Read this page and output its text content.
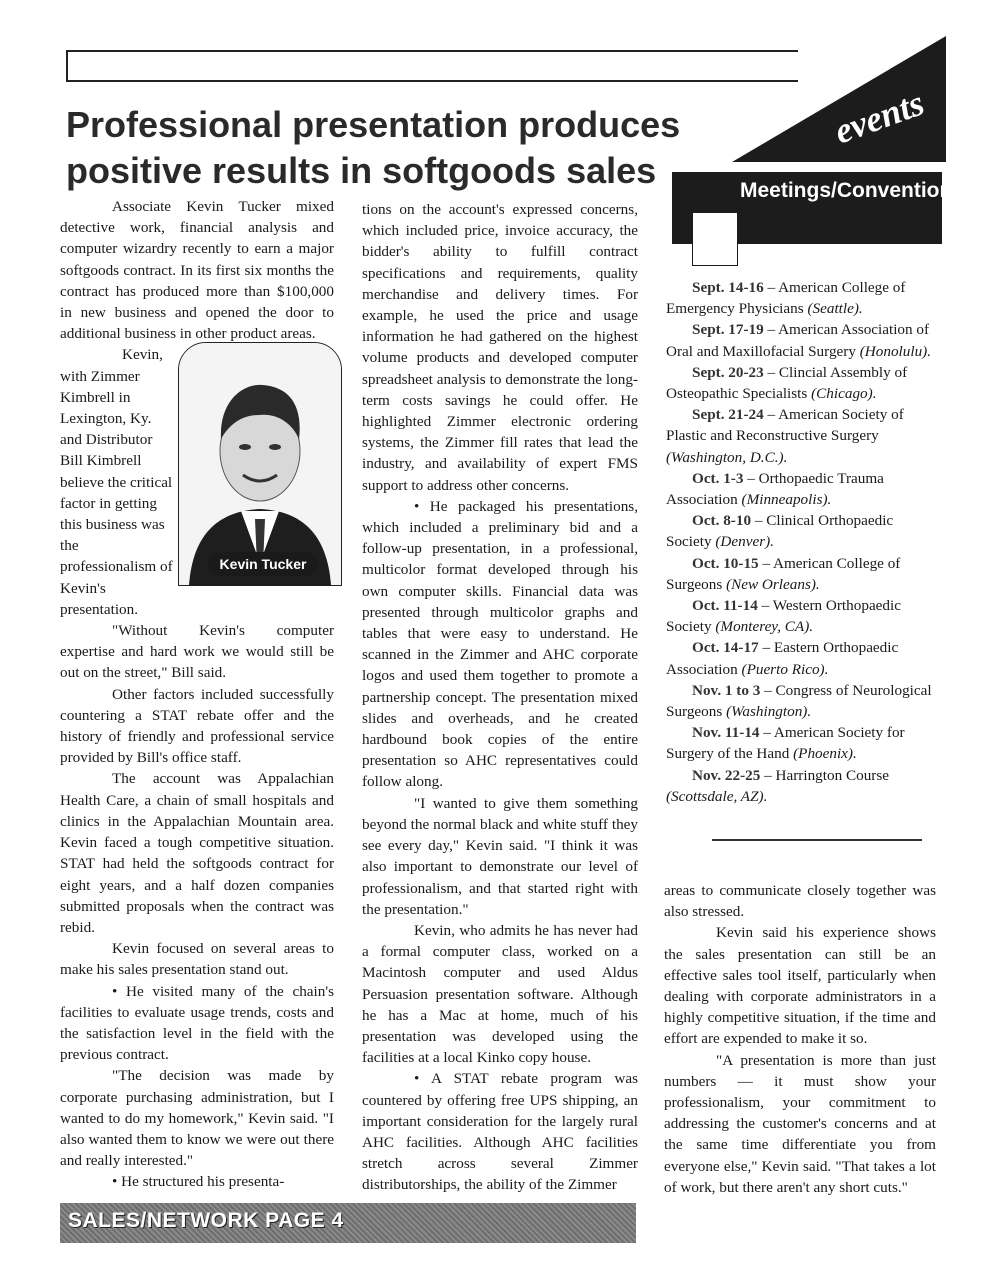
events
Professional presentation produces positive results in softgoods sales

Associate Kevin Tucker mixed detective work, financial analysis and computer wizardry recently to earn a major softgoods contract. In its first six months the contract has produced more than $100,000 in new business and opened the door to additional business in other product areas.

Kevin, with Zimmer Kimbrell in Lexington, Ky. and Distributor Bill Kimbrell believe the critical factor in getting this business was the professionalism of Kevin's presentation.

"Without Kevin's computer expertise and hard work we would still be out on the street," Bill said.

Other factors included successfully countering a STAT rebate offer and the history of friendly and professional service provided by Bill's office staff.

The account was Appalachian Health Care, a chain of small hospitals and clinics in the Appalachian Mountain area. Kevin faced a tough competitive situation. STAT had held the softgoods contract for eight years, and a half dozen companies submitted proposals when the contract was rebid.

Kevin focused on several areas to make his sales presentation stand out.

• He visited many of the chain's facilities to evaluate usage trends, costs and the satisfaction level in the field with the previous contract.

"The decision was made by corporate purchasing administration, but I wanted to do my homework," Kevin said. "I also wanted them to know we were out there and really interested."

• He structured his presenta-

Kevin Tucker

tions on the account's expressed concerns, which included price, invoice accuracy, the bidder's ability to fulfill contract specifications and requirements, quality merchandise and delivery times. For example, he used the price and usage information he had gathered on the highest volume products and developed computer spreadsheet analysis to demonstrate the long-term costs savings he could offer. He highlighted Zimmer electronic ordering systems, the Zimmer fill rates that lead the industry, and availability of expert FMS support to address other concerns.

• He packaged his presentations, which included a preliminary bid and a follow-up presentation, in a professional, multicolor format developed through his own computer skills. Financial data was presented through multicolor graphs and tables that were easy to understand. He scanned in the Zimmer and AHC corporate logos and used them together to promote a partnership concept. The presentation mixed slides and overheads, and he created hardbound book copies of the entire presentation so AHC representatives could follow along.

"I wanted to give them something beyond the normal black and white stuff they see every day," Kevin said. "I think it was also important to demonstrate our level of professionalism, and that started right with the presentation."

Kevin, who admits he has never had a formal computer class, worked on a Macintosh computer and used Aldus Persuasion presentation software. Although he has a Mac at home, much of his presentation was developed using the facilities at a local Kinko copy house.

• A STAT rebate program was countered by offering free UPS shipping, an important consideration for the largely rural AHC facilities. Although AHC facilities stretch across several Zimmer distributorships, the ability of the Zimmer

Meetings/Conventions

Sept. 14-16 – American College of Emergency Physicians (Seattle).

Sept. 17-19 – American Association of Oral and Maxillofacial Surgery (Honolulu).

Sept. 20-23 – Clincial Assembly of Osteopathic Specialists (Chicago).

Sept. 21-24 – American Society of Plastic and Reconstructive Surgery (Washington, D.C.).

Oct. 1-3 – Orthopaedic Trauma Association (Minneapolis).

Oct. 8-10 – Clinical Orthopaedic Society (Denver).

Oct. 10-15 – American College of Surgeons (New Orleans).

Oct. 11-14 – Western Orthopaedic Society (Monterey, CA).

Oct. 14-17 – Eastern Orthopaedic Association (Puerto Rico).

Nov. 1 to 3 – Congress of Neurological Surgeons (Washington).

Nov. 11-14 – American Society for Surgery of the Hand (Phoenix).

Nov. 22-25 – Harrington Course (Scottsdale, AZ).

areas to communicate closely together was also stressed.

Kevin said his experience shows the sales presentation can still be an effective sales tool itself, particularly when dealing with corporate administrators in a highly competitive situation, if the time and effort are expended to make it so.

"A presentation is more than just numbers — it must show your professionalism, your commitment to addressing the customer's concerns and at the same time differentiate you from everyone else," Kevin said. "That takes a lot of work, but there aren't any short cuts."

SALES/NETWORK PAGE 4
